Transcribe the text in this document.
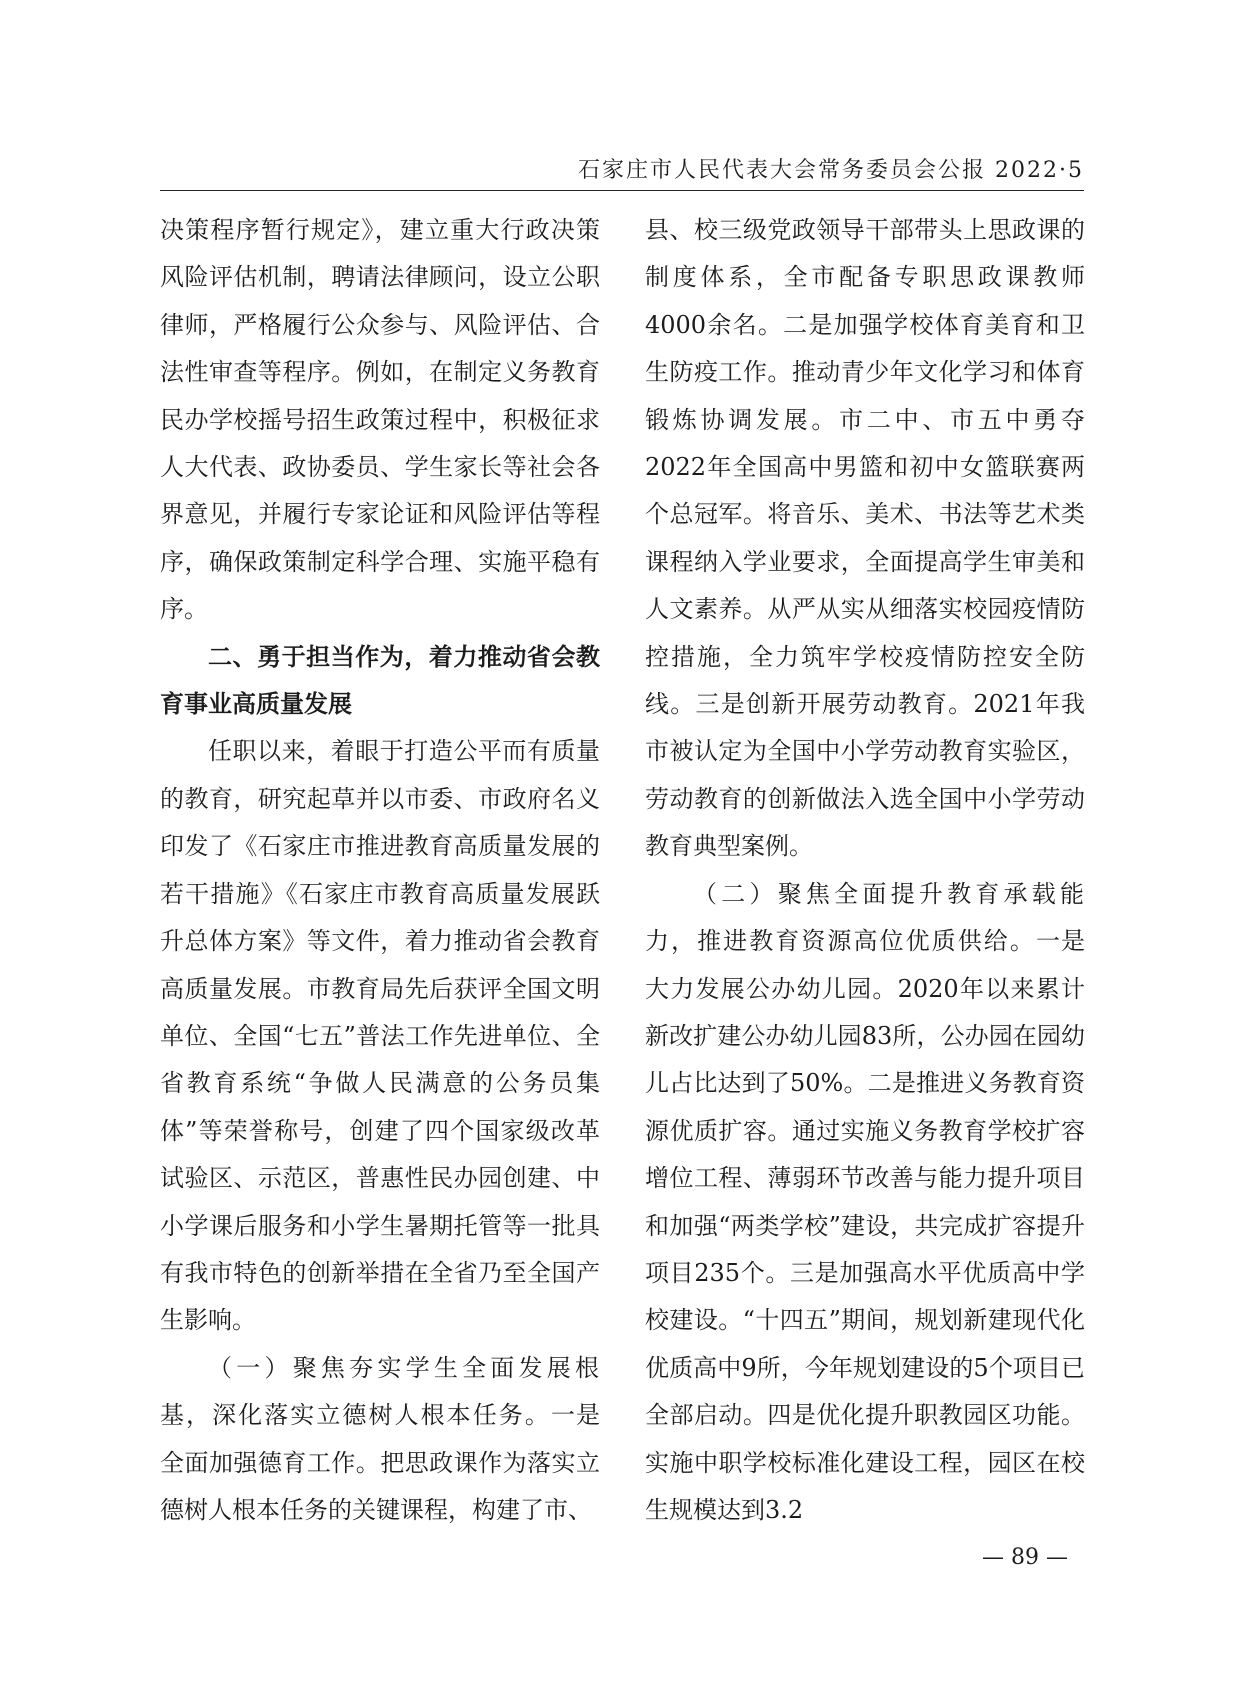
石家庄市人民代表大会常务委员会公报 2022·5

决策程序暂行规定》，建立重大行政决策风险评估机制，聘请法律顾问，设立公职律师，严格履行公众参与、风险评估、合法性审查等程序。例如，在制定义务教育民办学校摇号招生政策过程中，积极征求人大代表、政协委员、学生家长等社会各界意见，并履行专家论证和风险评估等程序，确保政策制定科学合理、实施平稳有序。

二、勇于担当作为，着力推动省会教育事业高质量发展

任职以来，着眼于打造公平而有质量的教育，研究起草并以市委、市政府名义印发了《石家庄市推进教育高质量发展的若干措施》《石家庄市教育高质量发展跃升总体方案》等文件，着力推动省会教育高质量发展。市教育局先后获评全国文明单位、全国“七五”普法工作先进单位、全省教育系统“争做人民满意的公务员集体”等荣誉称号，创建了四个国家级改革试验区、示范区，普惠性民办园创建、中小学课后服务和小学生暑期托管等一批具有我市特色的创新举措在全省乃至全国产生影响。

（一）聚焦夯实学生全面发展根基，深化落实立德树人根本任务。一是全面加强德育工作。把思政课作为落实立德树人根本任务的关键课程，构建了市、

县、校三级党政领导干部带头上思政课的制度体系，全市配备专职思政课教师4000余名。二是加强学校体育美育和卫生防疫工作。推动青少年文化学习和体育锻炼协调发展。市二中、市五中勇夺2022年全国高中男篮和初中女篮联赛两个总冠军。将音乐、美术、书法等艺术类课程纳入学业要求，全面提高学生审美和人文素养。从严从实从细落实校园疫情防控措施，全力筑牢学校疫情防控安全防线。三是创新开展劳动教育。2021年我市被认定为全国中小学劳动教育实验区，劳动教育的创新做法入选全国中小学劳动教育典型案例。

（二）聚焦全面提升教育承载能力，推进教育资源高位优质供给。一是大力发展公办幼儿园。2020年以来累计新改扩建公办幼儿园83所，公办园在园幼儿占比达到了50%。二是推进义务教育资源优质扩容。通过实施义务教育学校扩容增位工程、薄弱环节改善与能力提升项目和加强“两类学校”建设，共完成扩容提升项目235个。三是加强高水平优质高中学校建设。“十四五”期间，规划新建现代化优质高中9所，今年规划建设的5个项目已全部启动。四是优化提升职教园区功能。实施中职学校标准化建设工程，园区在校生规模达到3.2

— 89 —
